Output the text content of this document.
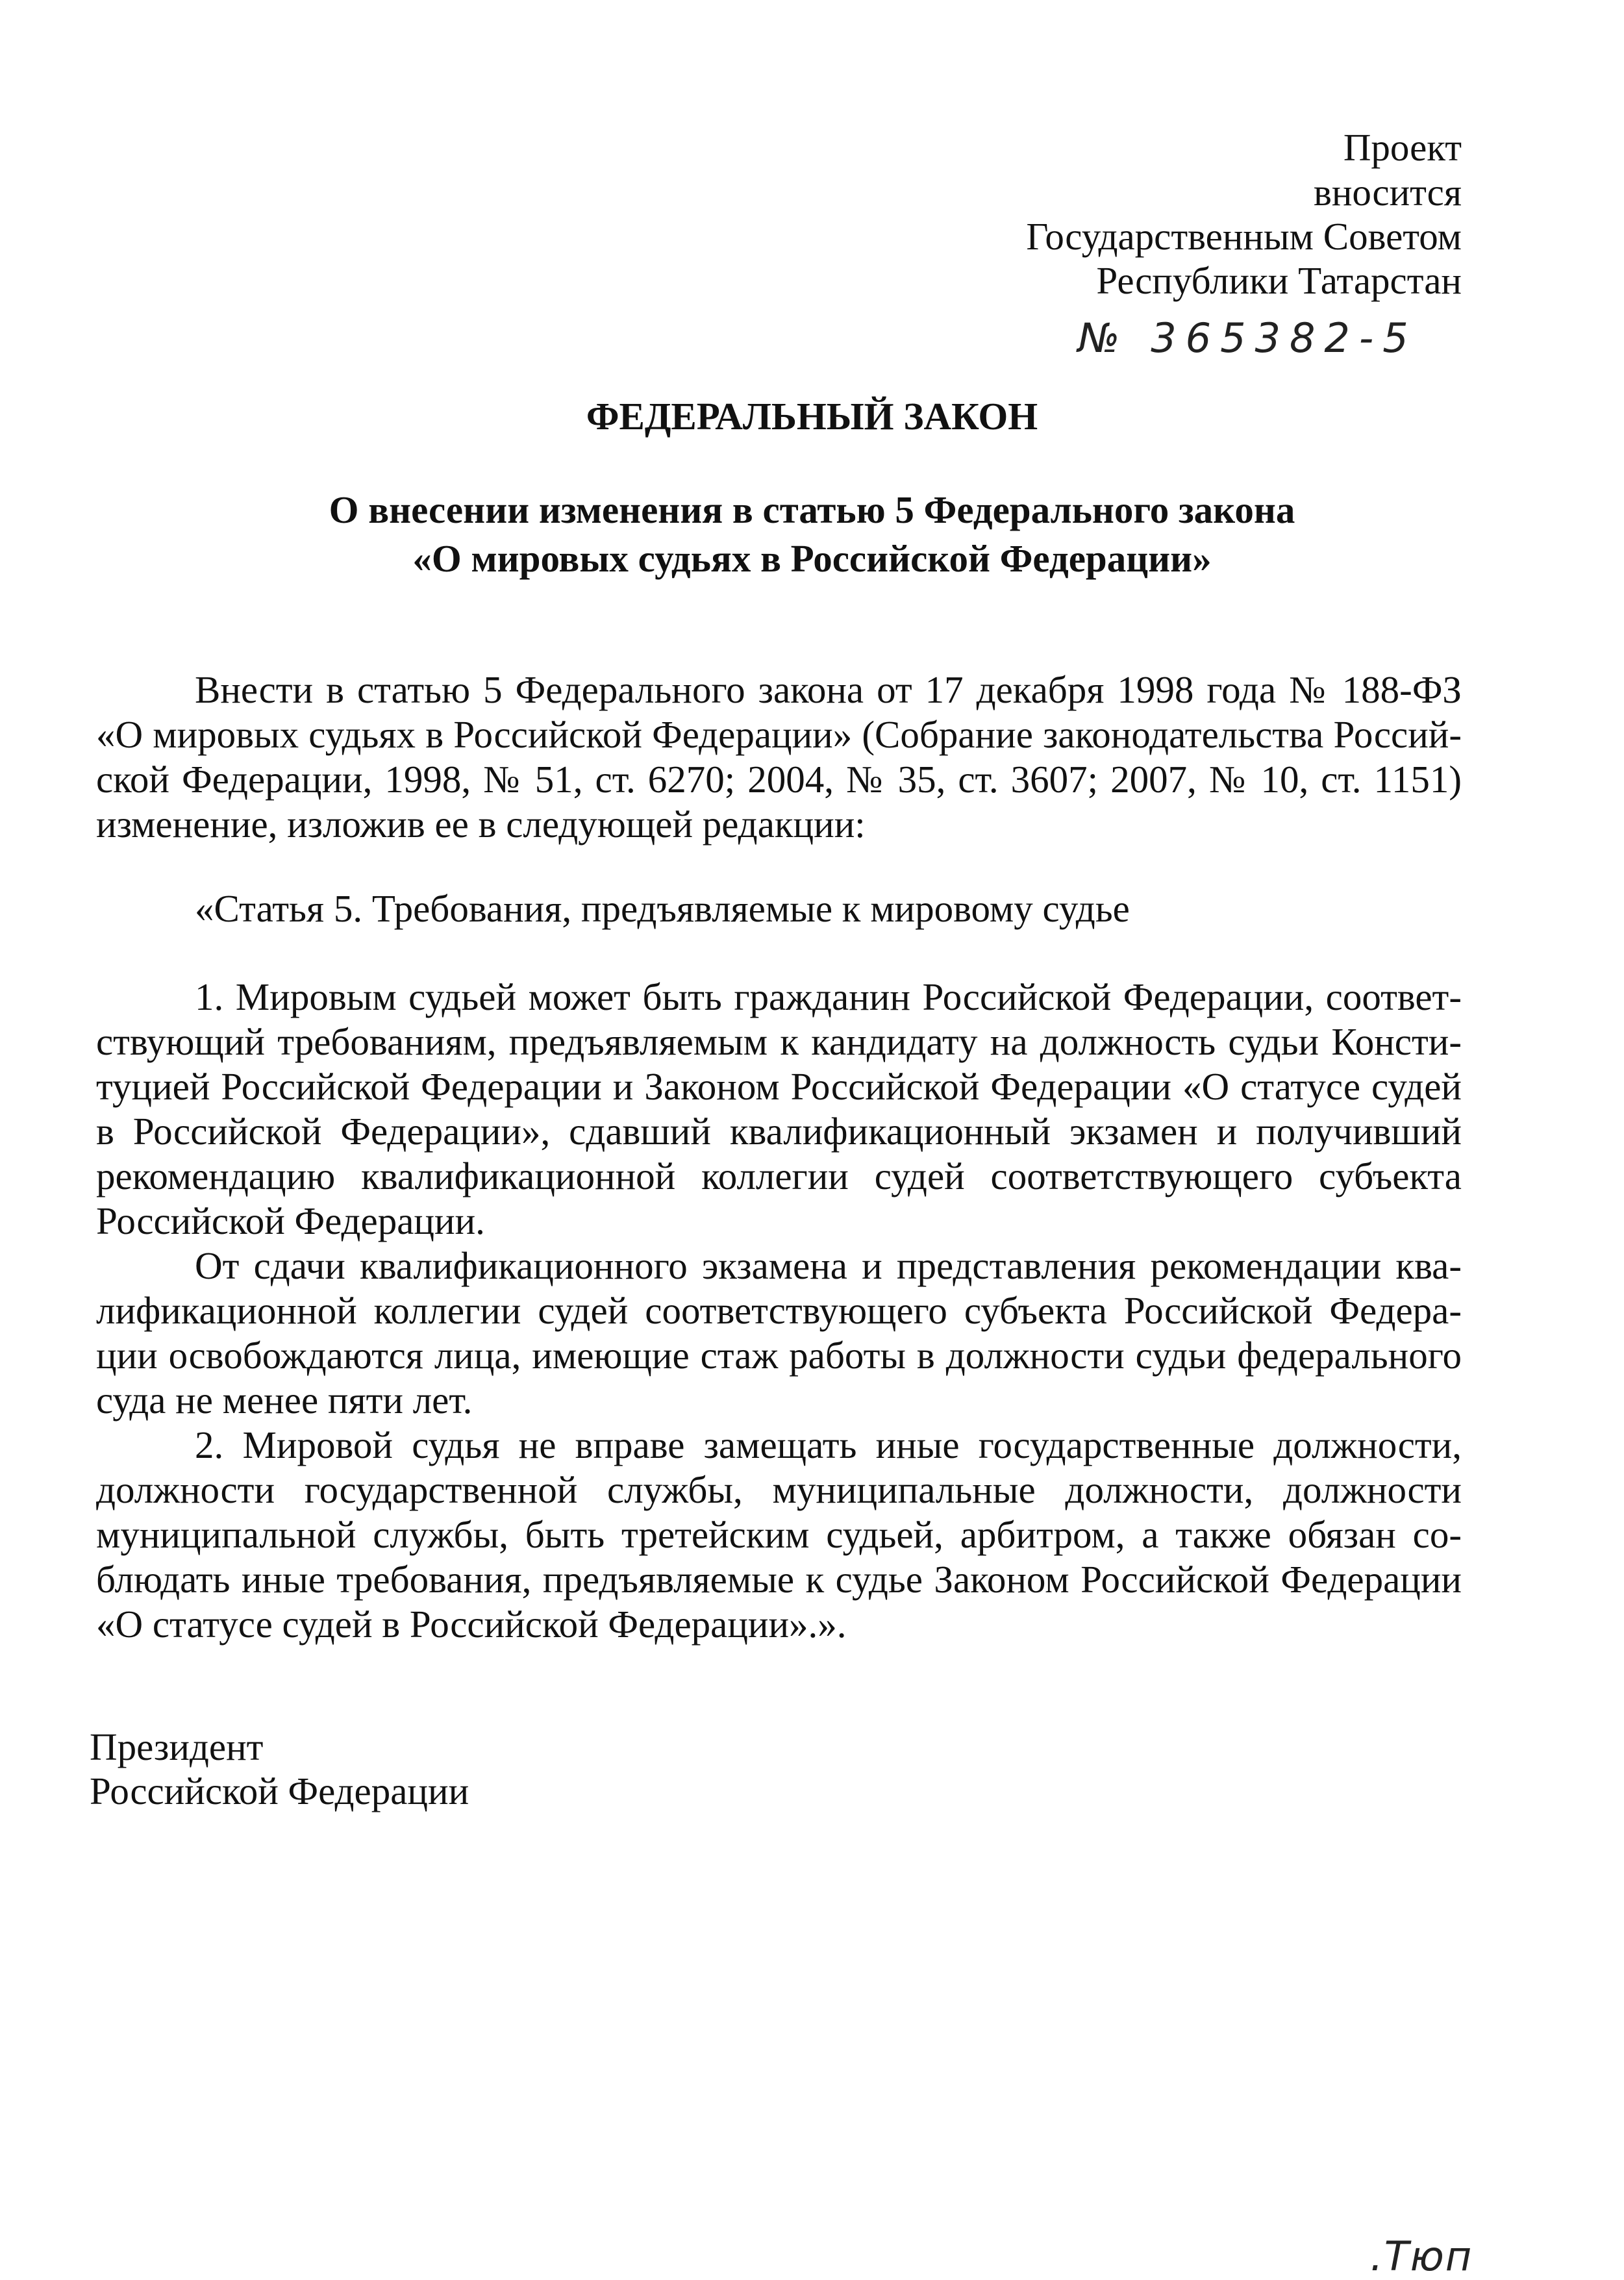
Проект
вносится
Государственным Советом
Республики Татарстан
№ 365382-5
ФЕДЕРАЛЬНЫЙ ЗАКОН
О внесении изменения в статью 5 Федерального закона
«О мировых судьях в Российской Федерации»
Внести в статью 5 Федерального закона от 17 декабря 1998 года № 188-ФЗ
«О мировых судьях в Российской Федерации» (Собрание законодательства Россий-
ской Федерации, 1998, № 51, ст. 6270; 2004, № 35, ст. 3607; 2007, № 10, ст. 1151)
изменение, изложив ее в следующей редакции:
«Статья 5. Требования, предъявляемые к мировому судье
1. Мировым судьей может быть гражданин Российской Федерации, соответ-
ствующий требованиям, предъявляемым к кандидату на должность судьи Консти-
туцией Российской Федерации и Законом Российской Федерации «О статусе судей
в Российской Федерации», сдавший квалификационный экзамен и получивший
рекомендацию квалификационной коллегии судей соответствующего субъекта
Российской Федерации.
От сдачи квалификационного экзамена и представления рекомендации ква-
лификационной коллегии судей соответствующего субъекта Российской Федера-
ции освобождаются лица, имеющие стаж работы в должности судьи федерального
суда не менее пяти лет.
2. Мировой судья не вправе замещать иные государственные должности,
должности государственной службы, муниципальные должности, должности
муниципальной службы, быть третейским судьей, арбитром, а также обязан со-
блюдать иные требования, предъявляемые к судье Законом Российской Федерации
«О статусе судей в Российской Федерации».».
Президент
Российской Федерации
.Тюп
